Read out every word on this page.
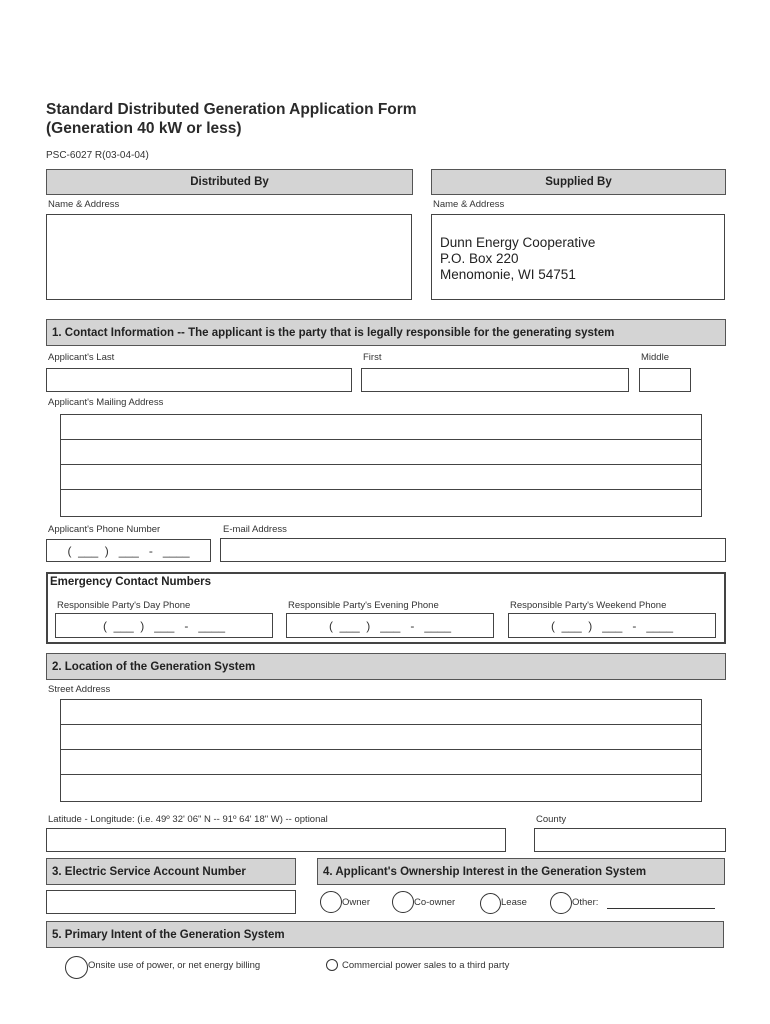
Standard Distributed Generation Application Form
(Generation 40 kW or less)
PSC-6027 R(03-04-04)
Distributed By	Supplied By
Name & Address	Name & Address
Dunn Energy Cooperative
P.O. Box 220
Menomonie, WI 54751
1. Contact Information -- The applicant is the party that is legally responsible for the generating system
Applicant's Last	First	Middle
Applicant's Mailing Address
Applicant's Phone Number	E-mail Address
(  ___  )   ___   -   ____
Emergency Contact Numbers
Responsible Party's Day Phone	Responsible Party's Evening Phone	Responsible Party's Weekend Phone
(  ___  )   ___   -   ____	(  ___  )   ___   -   ____	(  ___  )   ___   -   ____
2. Location of the Generation System
Street Address
Latitude - Longitude: (i.e. 49º 32' 06" N -- 91º 64' 18" W) -- optional	County
3. Electric Service Account Number	4. Applicant's Ownership Interest in the Generation System
Owner	Co-owner	Lease	Other:
5. Primary Intent of the Generation System
Onsite use of power, or net energy billing	Commercial power sales to a third party
